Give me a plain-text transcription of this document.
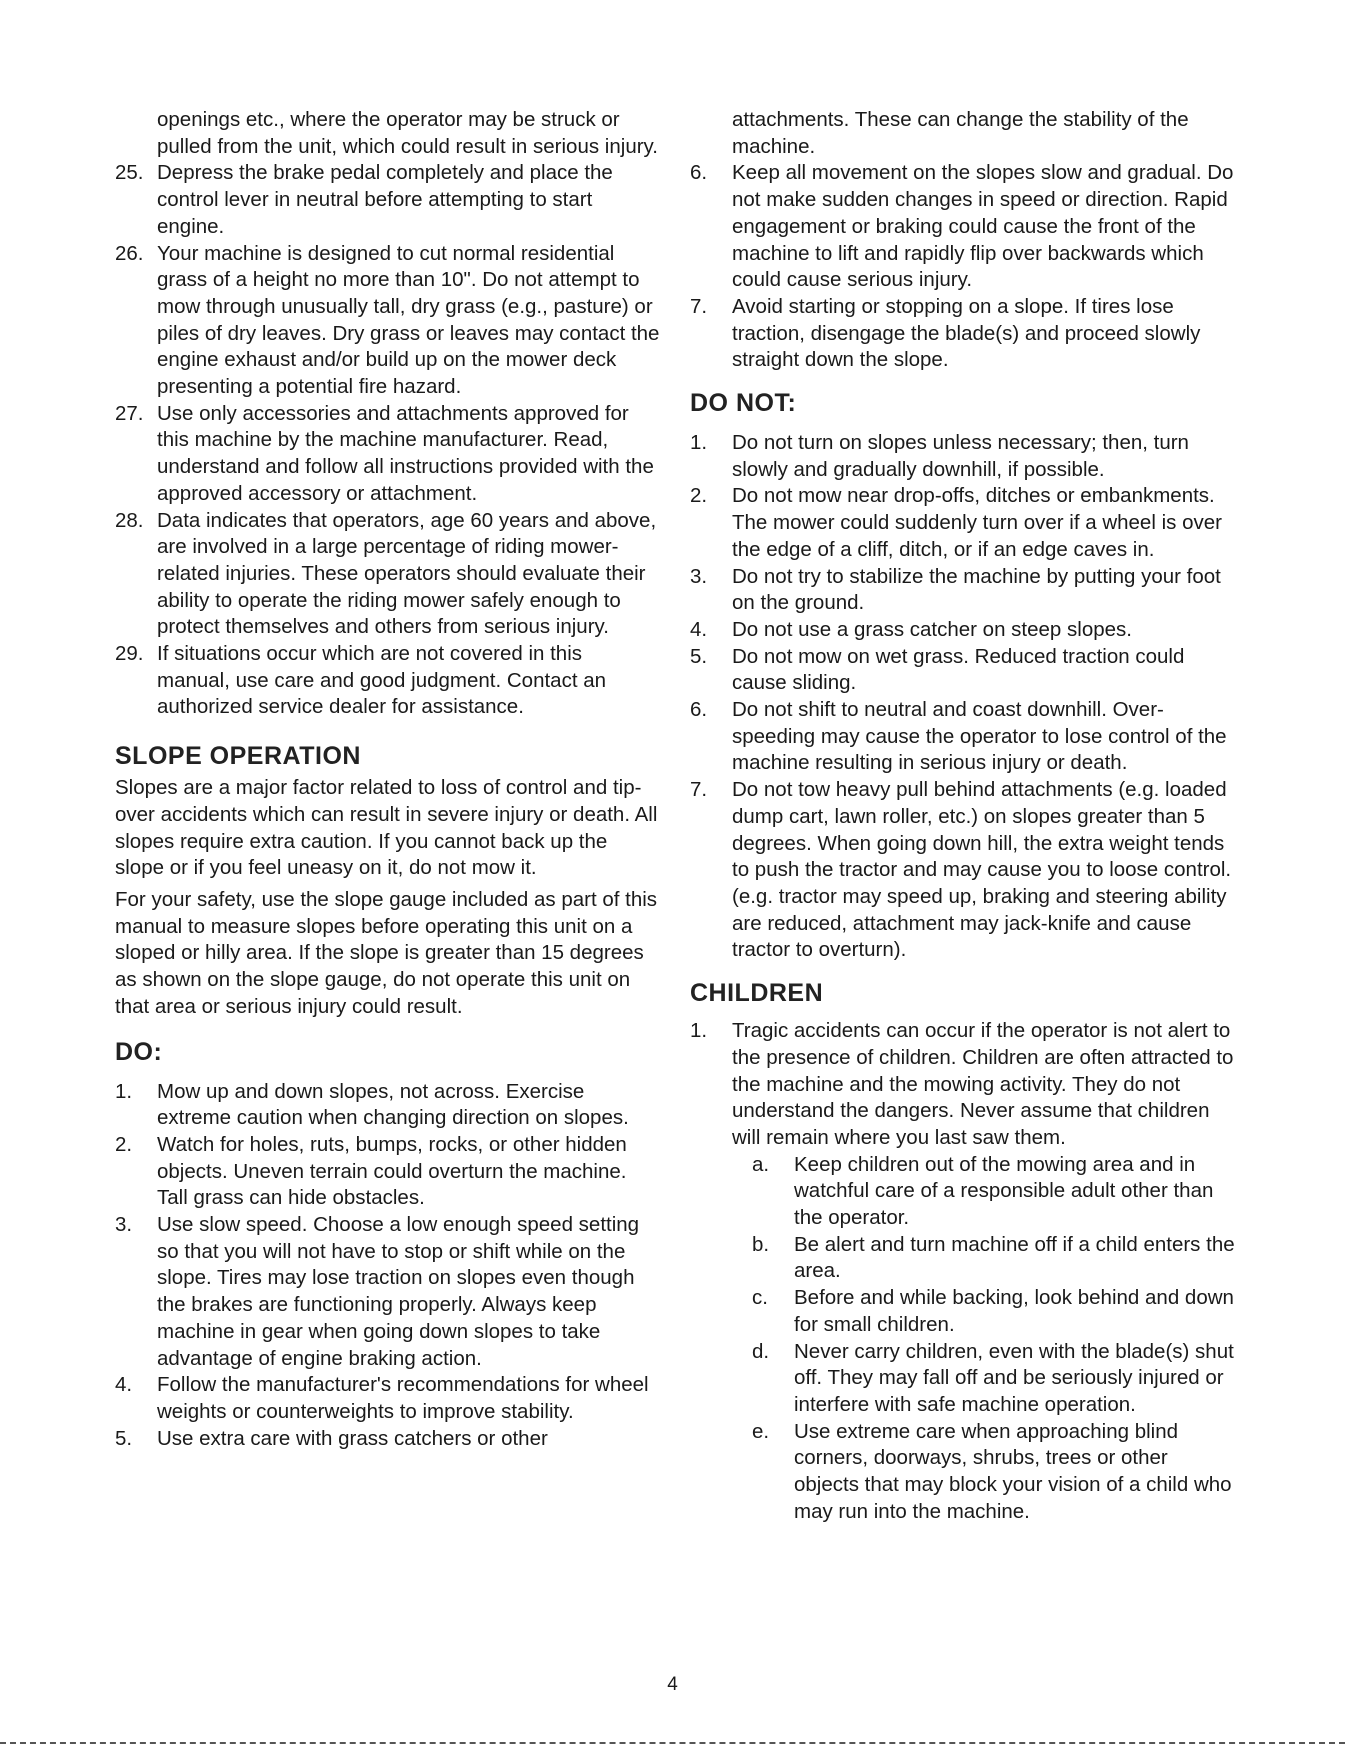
openings etc., where the operator may be struck or pulled from the unit, which could result in serious injury.
25. Depress the brake pedal completely and place the control lever in neutral before attempting to start engine.
26. Your machine is designed to cut normal residential grass of a height no more than 10". Do not attempt to mow through unusually tall, dry grass (e.g., pasture) or piles of dry leaves. Dry grass or leaves may contact the engine exhaust and/or build up on the mower deck presenting a potential fire hazard.
27. Use only accessories and attachments approved for this machine by the machine manufacturer. Read, understand and follow all instructions provided with the approved accessory or attachment.
28. Data indicates that operators, age 60 years and above, are involved in a large percentage of riding mower-related injuries. These operators should evaluate their ability to operate the riding mower safely enough to protect themselves and others from serious injury.
29. If situations occur which are not covered in this manual, use care and good judgment. Contact an authorized service dealer for assistance.
SLOPE OPERATION

Slopes are a major factor related to loss of control and tip-over accidents which can result in severe injury or death. All slopes require extra caution. If you cannot back up the slope or if you feel uneasy on it, do not mow it.

For your safety, use the slope gauge included as part of this manual to measure slopes before operating this unit on a sloped or hilly area. If the slope is greater than 15 degrees as shown on the slope gauge, do not operate this unit on that area or serious injury could result.

DO:
1. Mow up and down slopes, not across. Exercise extreme caution when changing direction on slopes.
2. Watch for holes, ruts, bumps, rocks, or other hidden objects. Uneven terrain could overturn the machine. Tall grass can hide obstacles.
3. Use slow speed. Choose a low enough speed setting so that you will not have to stop or shift while on the slope. Tires may lose traction on slopes even though the brakes are functioning properly. Always keep machine in gear when going down slopes to take advantage of engine braking action.
4. Follow the manufacturer's recommendations for wheel weights or counterweights to improve stability.
5. Use extra care with grass catchers or other
attachments. These can change the stability of the machine.
6. Keep all movement on the slopes slow and gradual. Do not make sudden changes in speed or direction. Rapid engagement or braking could cause the front of the machine to lift and rapidly flip over backwards which could cause serious injury.
7. Avoid starting or stopping on a slope. If tires lose traction, disengage the blade(s) and proceed slowly straight down the slope.
DO NOT:
1. Do not turn on slopes unless necessary; then, turn slowly and gradually downhill, if possible.
2. Do not mow near drop-offs, ditches or embankments. The mower could suddenly turn over if a wheel is over the edge of a cliff, ditch, or if an edge caves in.
3. Do not try to stabilize the machine by putting your foot on the ground.
4. Do not use a grass catcher on steep slopes.
5. Do not mow on wet grass. Reduced traction could cause sliding.
6. Do not shift to neutral and coast downhill. Over-speeding may cause the operator to lose control of the machine resulting in serious injury or death.
7. Do not tow heavy pull behind attachments (e.g. loaded dump cart, lawn roller, etc.) on slopes greater than 5 degrees. When going down hill, the extra weight tends to push the tractor and may cause you to loose control. (e.g. tractor may speed up, braking and steering ability are reduced, attachment may jack-knife and cause tractor to overturn).
CHILDREN
1. Tragic accidents can occur if the operator is not alert to the presence of children. Children are often attracted to the machine and the mowing activity. They do not understand the dangers. Never assume that children will remain where you last saw them.
a. Keep children out of the mowing area and in watchful care of a responsible adult other than the operator.
b. Be alert and turn machine off if a child enters the area.
c. Before and while backing, look behind and down for small children.
d. Never carry children, even with the blade(s) shut off. They may fall off and be seriously injured or interfere with safe machine operation.
e. Use extreme care when approaching blind corners, doorways, shrubs, trees or other objects that may block your vision of a child who may run into the machine.
4
